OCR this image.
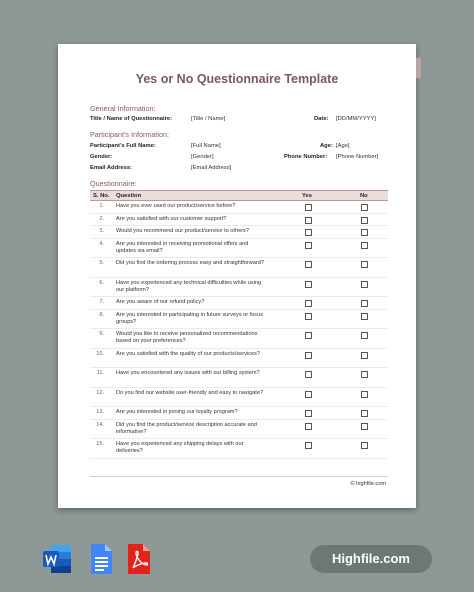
Yes or No Questionnaire Template
General Information:
Title / Name of Questionnaire:	[Title / Name]	Date: [DD/MM/YYYY]
Participant’s Information:
Participant’s Full Name:	[Full Name]	Age: [Age]
Gender:	[Gender]	Phone Number: [Phone Number]
Email Address:	[Email Address]
Questionnaire:
S. No. Question	Yes	No
1. Have you ever used our product/service before?
2. Are you satisfied with our customer support?
3. Would you recommend our product/service to others?
4. Are you interested in receiving promotional offers and updates via email?
5. Did you find the ordering process easy and straightforward?
6. Have you experienced any technical difficulties while using our platform?
7. Are you aware of our refund policy?
8. Are you interested in participating in future surveys or focus groups?
9. Would you like to receive personalized recommendations based on your preferences?
10. Are you satisfied with the quality of our products/services?
11. Have you encountered any issues with our billing system?
12. Do you find our website user-friendly and easy to navigate?
13. Are you interested in joining our loyalty program?
14. Did you find the product/service description accurate and informative?
15. Have you experienced any shipping delays with our deliveries?
© highfile.com
Highfile.com
